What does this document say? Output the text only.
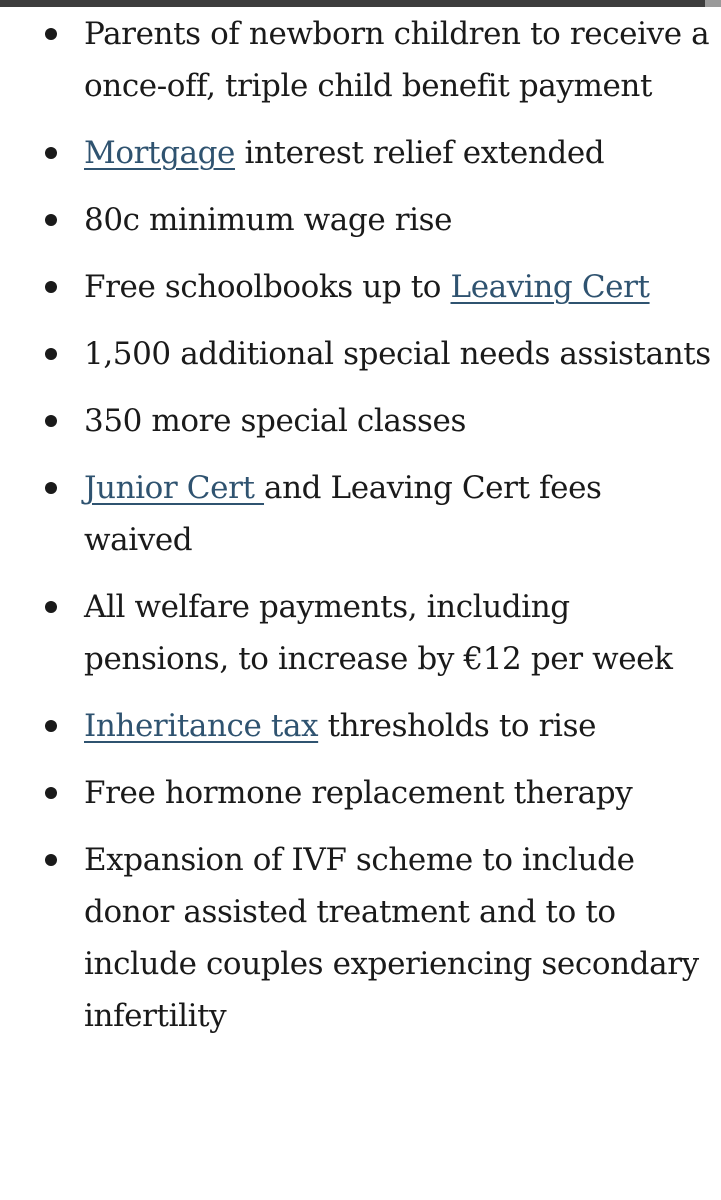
Parents of newborn children to receive a once-off, triple child benefit payment
Mortgage interest relief extended
80c minimum wage rise
Free schoolbooks up to Leaving Cert
1,500 additional special needs assistants
350 more special classes
Junior Cert and Leaving Cert fees waived
All welfare payments, including pensions, to increase by €12 per week
Inheritance tax thresholds to rise
Free hormone replacement therapy
Expansion of IVF scheme to include donor assisted treatment and to to include couples experiencing secondary infertility
